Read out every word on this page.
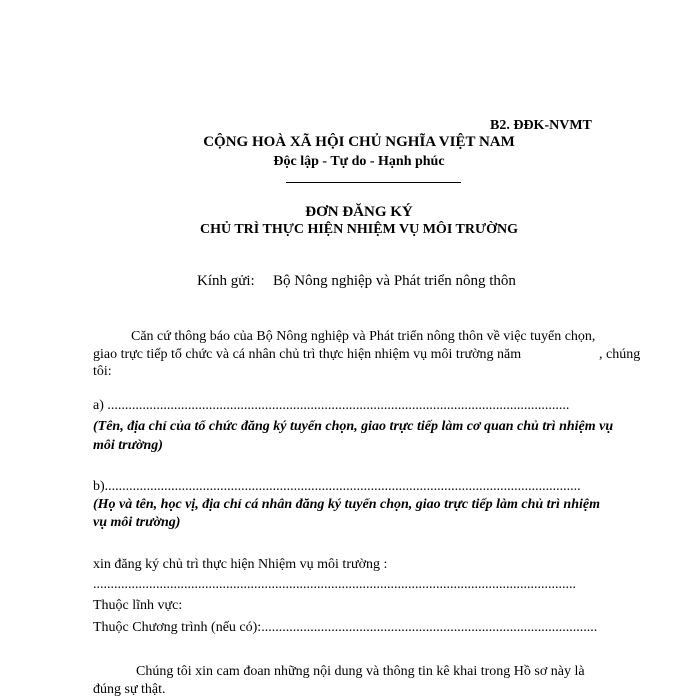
B2. ĐĐK-NVMT
CỘNG HOÀ XÃ HỘI CHỦ NGHĨA VIỆT NAM
Độc lập - Tự do - Hạnh phúc
ĐƠN ĐĂNG KÝ
CHỦ TRÌ THỰC HIỆN NHIỆM VỤ MÔI TRƯỜNG
Kính gửi: Bộ Nông nghiệp và Phát triển nông thôn
Căn cứ thông báo của Bộ Nông nghiệp và Phát triển nông thôn về việc tuyển chọn,
giao trực tiếp tổ chức và cá nhân chủ trì thực hiện nhiệm vụ môi trường năm	, chúng
tôi:
a) ....................................................................................................................................
(Tên, địa chỉ của tổ chức đăng ký tuyển chọn, giao trực tiếp làm cơ quan chủ trì nhiệm vụ
môi trường)
b)........................................................................................................................................
(Họ và tên, học vị, địa chỉ cá nhân đăng ký tuyển chọn, giao trực tiếp làm chủ trì nhiệm
vụ môi trường)
xin đăng ký chủ trì thực hiện Nhiệm vụ môi trường :
..........................................................................................................................................
Thuộc lĩnh vực:
Thuộc Chương trình (nếu có):................................................................................................
Chúng tôi xin cam đoan những nội dung và thông tin kê khai trong Hồ sơ này là
đúng sự thật.
